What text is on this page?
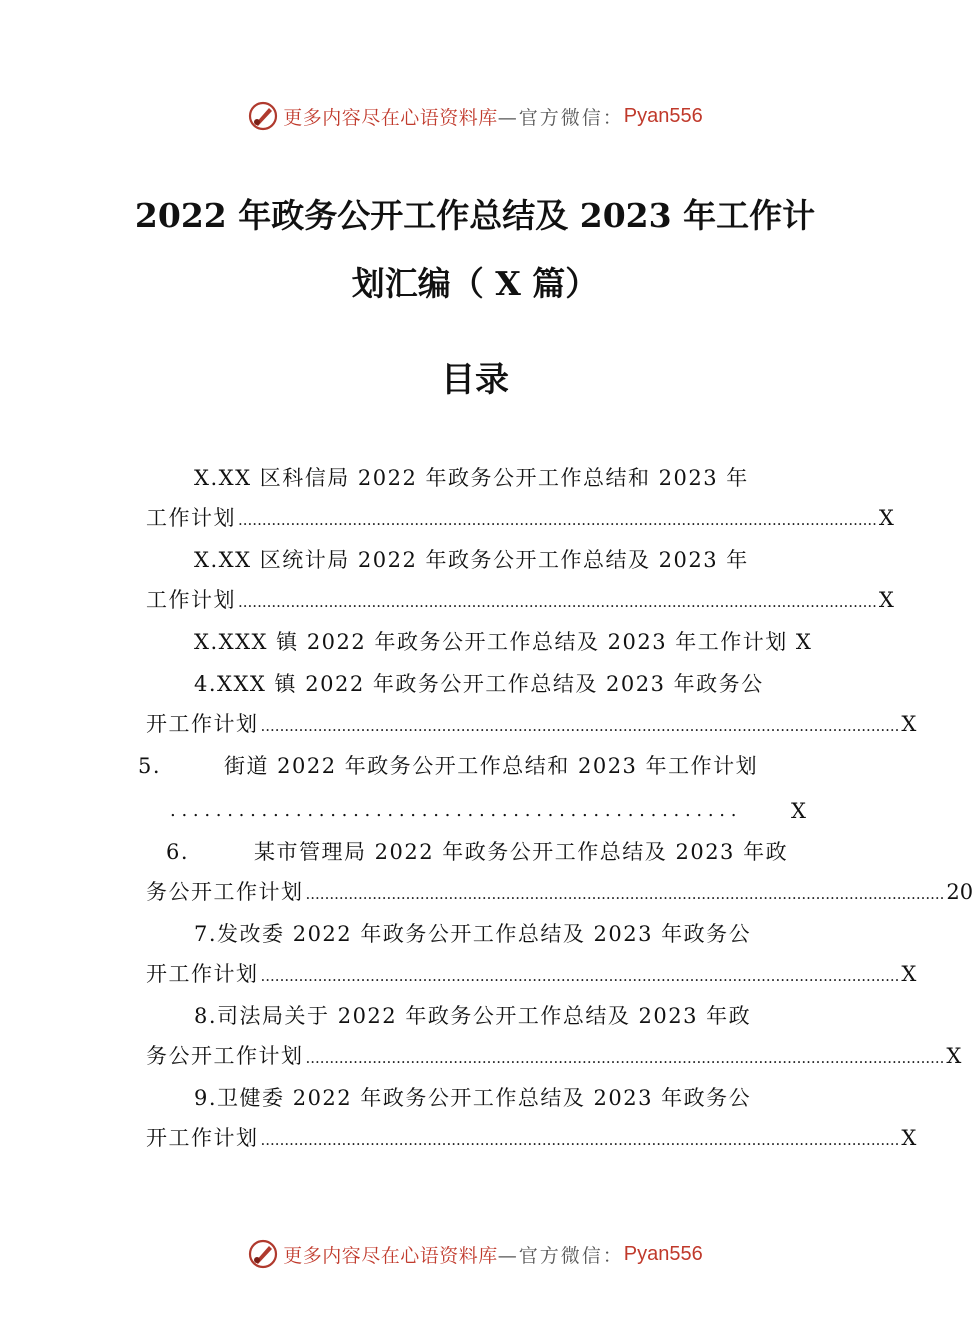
更多内容尽在心语资料库 —官方微信： Pyan556
2022 年政务公开工作总结及 2023 年工作计
划汇编（ X 篇）
目录
X.XX 区科信局 2022 年政务公开工作总结和 2023 年
工作计划 ...................................................................................................................................... X
X.XX 区统计局 2022 年政务公开工作总结及 2023 年
工作计划 ...................................................................................................................................... X
X.XXX 镇 2022 年政务公开工作总结及 2023 年工作计划 X
4.XXX 镇 2022 年政务公开工作总结及 2023 年政务公
开工作计划 ...................................................................................................................................... X
5.	街道 2022 年政务公开工作总结和 2023 年工作计划
. . . . . . . . . . . . . . . . . . . . . . . . . . . . . . . . . . . . . . . . . . . . . . . . . .	X
6.	某市管理局 2022 年政务公开工作总结及 2023 年政
务公开工作计划 ...................................................................................................................................... 20
7.发改委 2022 年政务公开工作总结及 2023 年政务公
开工作计划 ...................................................................................................................................... X
8.司法局关于 2022 年政务公开工作总结及 2023 年政
务公开工作计划 ...................................................................................................................................... X
9.卫健委 2022 年政务公开工作总结及 2023 年政务公
开工作计划 ...................................................................................................................................... X
更多内容尽在心语资料库 —官方微信： Pyan556
